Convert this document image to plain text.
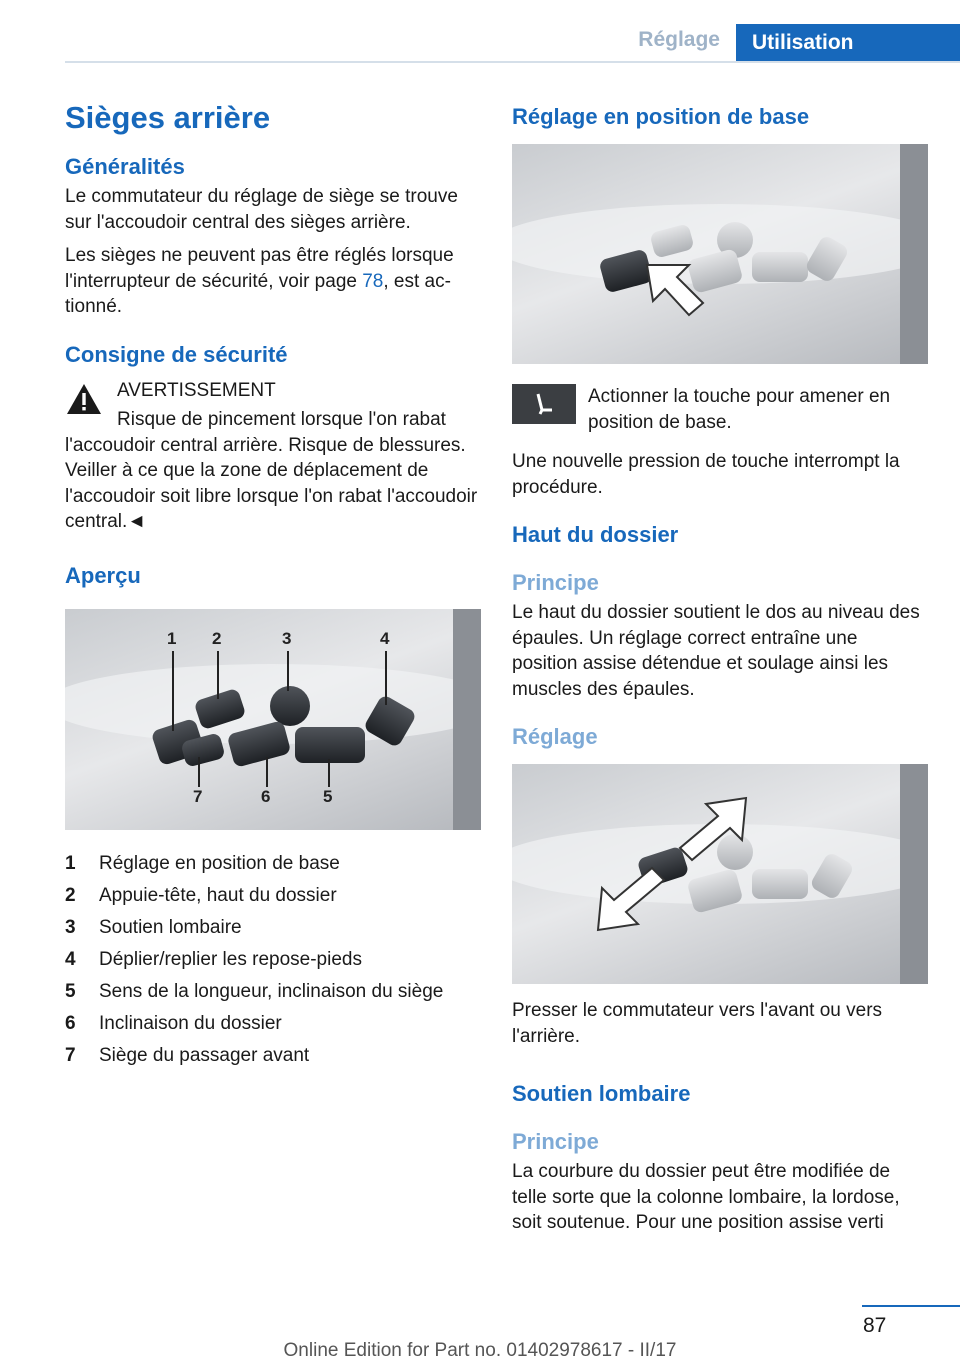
Réglage	Utilisation
Sièges arrière
Généralités

Le commutateur du réglage de siège se trouve sur l'accoudoir central des sièges arrière.

Les sièges ne peuvent pas être réglés lorsque l'interrupteur de sécurité, voir page 78, est actionné.

Consigne de sécurité

AVERTISSEMENT

Risque de pincement lorsque l'on rabat

l'accoudoir central arrière. Risque de blessures. Veiller à ce que la zone de déplacement de l'accoudoir soit libre lorsque l'on rabat l'accoudoir central.◄

Aperçu
1 2	3	4
7	6	5
1	Réglage en position de base
2	Appuie-tête, haut du dossier
3	Soutien lombaire
4	Déplier/replier les repose-pieds
5	Sens de la longueur, inclinaison du siège
6	Inclinaison du dossier
7	Siège du passager avant
Réglage en position de base

Actionner la touche pour amener en position de base.

Une nouvelle pression de touche interrompt la procédure.

Haut du dossier
Principe

Le haut du dossier soutient le dos au niveau des épaules. Un réglage correct entraîne une position assise détendue et soulage ainsi les muscles des épaules.

Réglage

Presser le commutateur vers l'avant ou vers l'arrière.

Soutien lombaire
Principe

La courbure du dossier peut être modifiée de telle sorte que la colonne lombaire, la lordose, soit soutenue. Pour une position assise verti

87
Online Edition for Part no. 01402978617 - II/17
